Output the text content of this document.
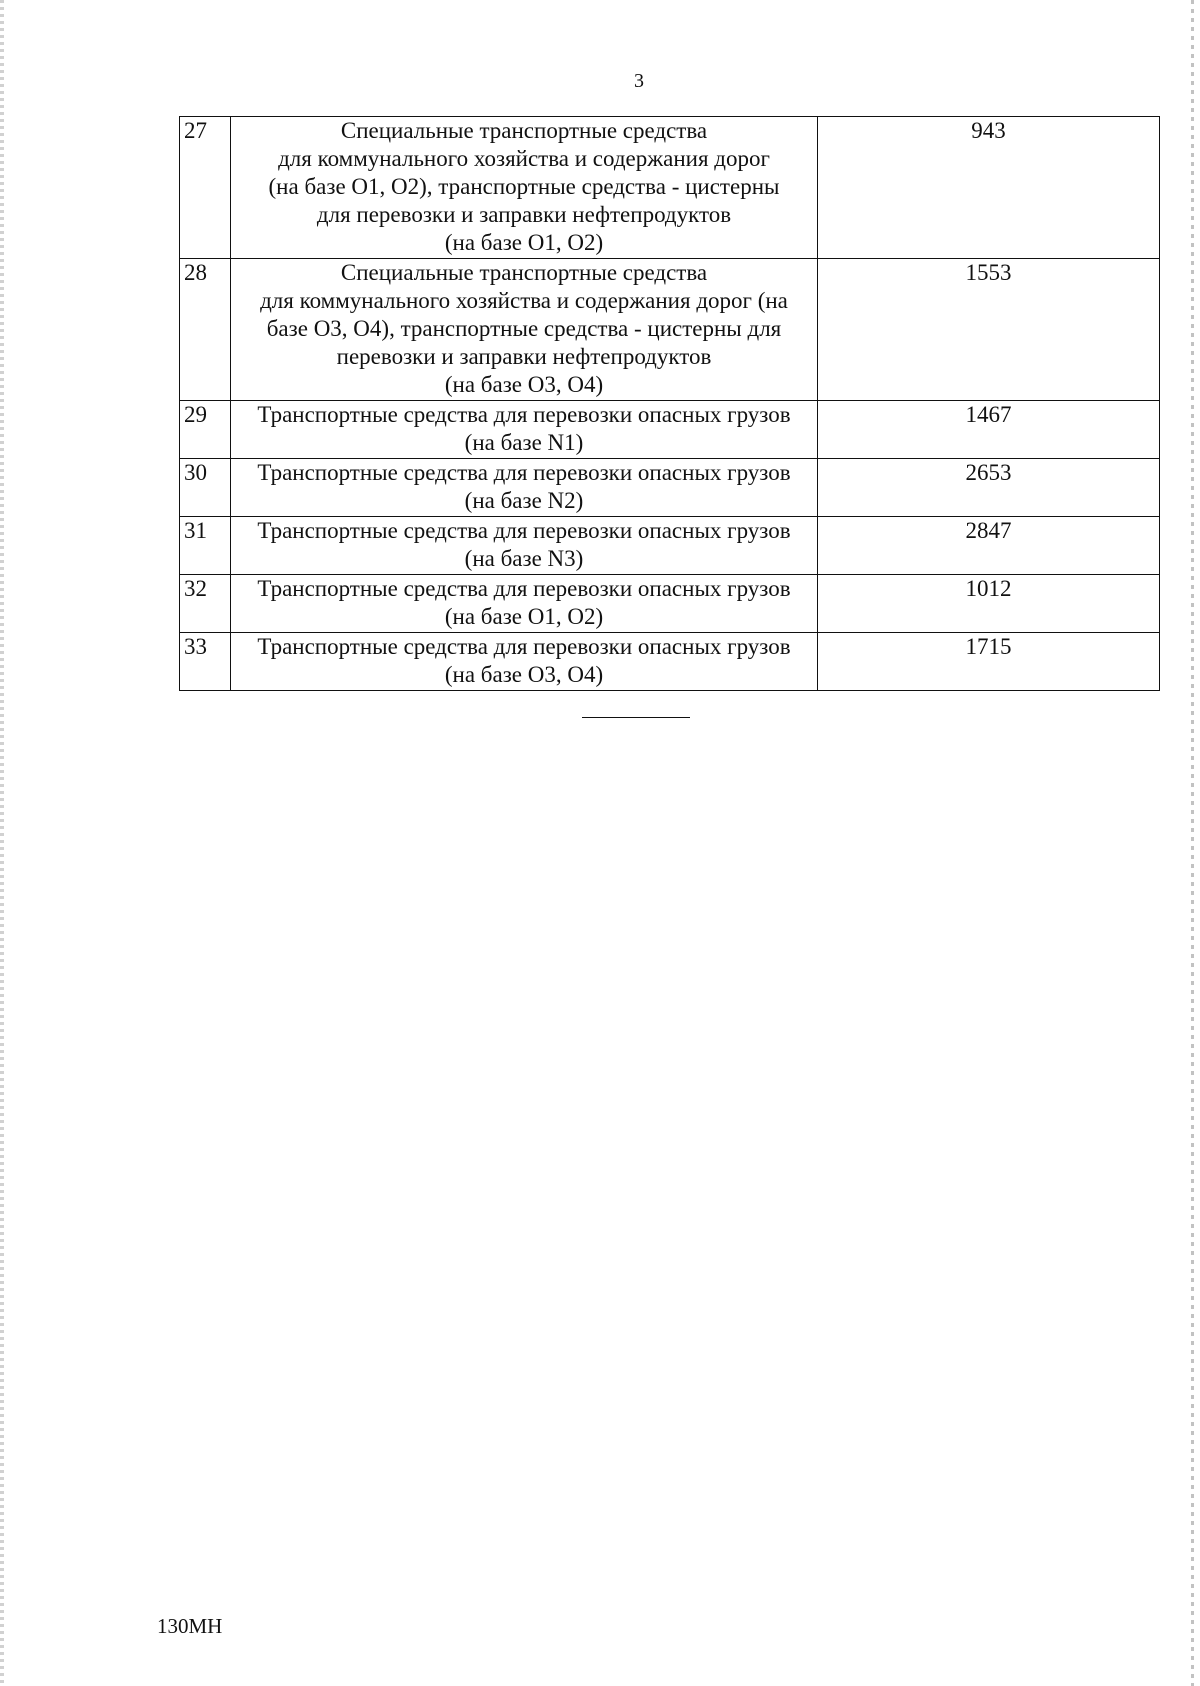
3
27	Специальные транспортные средства
для коммунального хозяйства и содержания дорог
(на базе O1, O2), транспортные средства - цистерны
для перевозки и заправки нефтепродуктов
(на базе O1, O2)	943
28	Специальные транспортные средства
для коммунального хозяйства и содержания дорог (на
базе O3, O4), транспортные средства - цистерны для
перевозки и заправки нефтепродуктов
(на базе O3, O4)	1553
29	Транспортные средства для перевозки опасных грузов
(на базе N1)	1467
30	Транспортные средства для перевозки опасных грузов
(на базе N2)	2653
31	Транспортные средства для перевозки опасных грузов
(на базе N3)	2847
32	Транспортные средства для перевозки опасных грузов
(на базе O1, O2)	1012
33	Транспортные средства для перевозки опасных грузов
(на базе O3, O4)	1715
130МН
